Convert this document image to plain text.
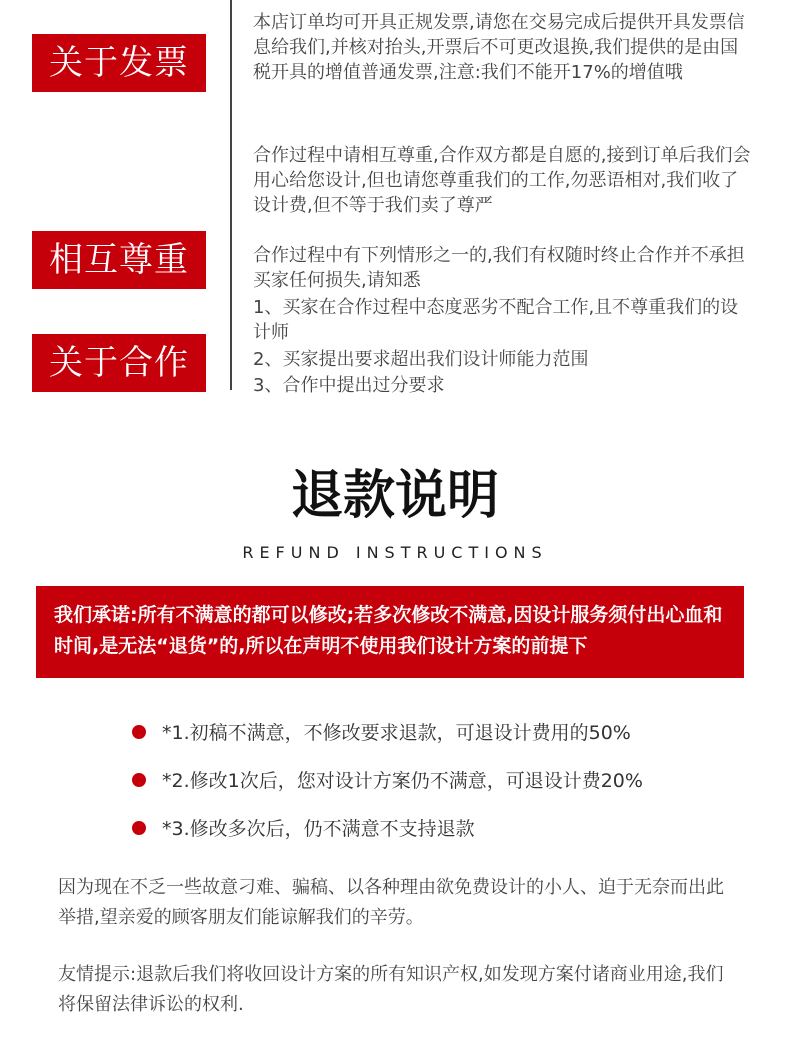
关于发票
相互尊重
关于合作

本店订单均可开具正规发票,请您在交易完成后提供开具发票信息给我们,并核对抬头,开票后不可更改退换,我们提供的是由国税开具的增值普通发票,注意:我们不能开17%的增值哦

合作过程中请相互尊重,合作双方都是自愿的,接到订单后我们会用心给您设计,但也请您尊重我们的工作,勿恶语相对,我们收了设计费,但不等于我们卖了尊严

合作过程中有下列情形之一的,我们有权随时终止合作并不承担买家任何损失,请知悉

1、买家在合作过程中态度恶劣不配合工作,且不尊重我们的设计师

2、买家提出要求超出我们设计师能力范围

3、合作中提出过分要求

退款说明
REFUND INSTRUCTIONS
我们承诺:所有不满意的都可以修改;若多次修改不满意,因设计服务须付出心血和时间,是无法“退货”的,所以在声明不使用我们设计方案的前提下
*1.初稿不满意，不修改要求退款，可退设计费用的50%
*2.修改1次后，您对设计方案仍不满意，可退设计费20%
*3.修改多次后，仍不满意不支持退款

因为现在不乏一些故意刁难、骗稿、以各种理由欲免费设计的小人、迫于无奈而出此举措,望亲爱的顾客朋友们能谅解我们的辛劳。

友情提示:退款后我们将收回设计方案的所有知识产权,如发现方案付诸商业用途,我们将保留法律诉讼的权利.
